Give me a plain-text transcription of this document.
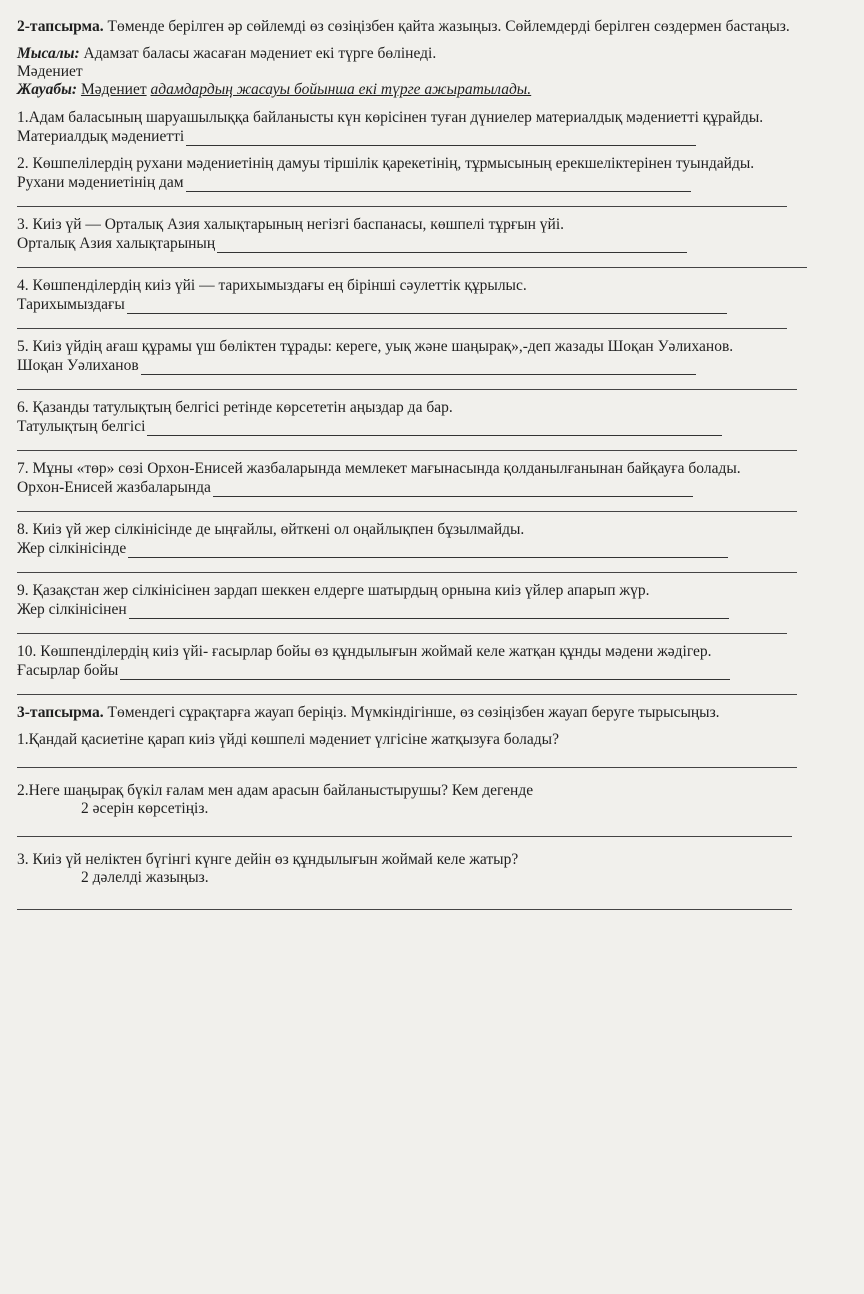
2-тапсырма. Төменде берілген әр сөйлемді өз сөзіңізбен қайта жазыңыз. Сөйлемдерді берілген сөздермен бастаңыз.

Мысалы: Адамзат баласы жасаған мәдениет екі түрге бөлінеді.

Мәдениет

Жауабы: Мәдениет адамдардың жасауы бойынша екі түрге ажыратылады.

1.Адам баласының шаруашылыққа байланысты күн көрісінен туған дүниелер материалдық мәдениетті құрайды.

Материалдық мәдениетті

2. Көшпелілердің рухани мәдениетінің дамуы тіршілік қарекетінің, тұрмысының ерекшеліктерінен туындайды.

Рухани мәдениетінің дам

3. Киіз үй — Орталық Азия халықтарының негізгі баспанасы, көшпелі тұрғын үйі.

Орталық Азия халықтарының

4. Көшпенділердің киіз үйі — тарихымыздағы ең бірінші сәулеттік құрылыс.

Тарихымыздағы

5. Киіз үйдің ағаш құрамы үш бөліктен тұрады: кереге, уық және шаңырақ»,-деп жазады Шоқан Уәлиханов.

Шоқан Уәлиханов

6. Қазанды татулықтың белгісі ретінде көрсететін аңыздар да бар.

Татулықтың белгісі

7. Мұны «төр» сөзі Орхон-Енисей жазбаларында мемлекет мағынасында қолданылғанынан байқауға болады.

Орхон-Енисей жазбаларында

8. Киіз үй жер сілкінісінде де ыңғайлы, өйткені ол оңайлықпен бұзылмайды.

Жер сілкінісінде

9. Қазақстан жер сілкінісінен зардап шеккен елдерге шатырдың орнына киіз үйлер апарып жүр.

Жер сілкінісінен

10. Көшпенділердің киіз үйі- ғасырлар бойы өз құндылығын жоймай келе жатқан құнды мәдени жәдігер.

Ғасырлар бойы

3-тапсырма. Төмендегі сұрақтарға жауап беріңіз. Мүмкіндігінше, өз сөзіңізбен жауап беруге тырысыңыз.

1.Қандай қасиетіне қарап киіз үйді көшпелі мәдениет үлгісіне жатқызуға болады?

2.Неге шаңырақ бүкіл ғалам мен адам арасын байланыстырушы? Кем дегенде

2 әсерін көрсетіңіз.

3. Киіз үй неліктен бүгінгі күнге дейін өз құндылығын жоймай келе жатыр?

2 дәлелді жазыңыз.
